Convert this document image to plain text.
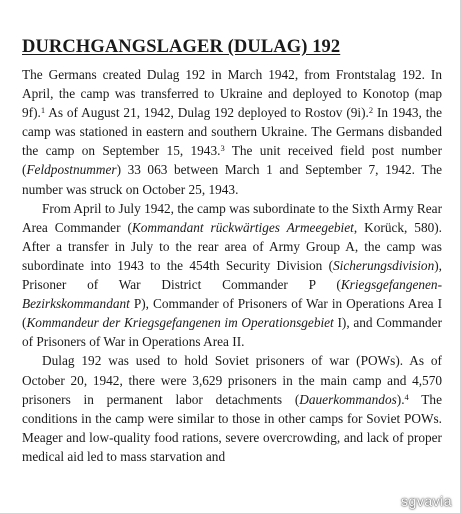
DURCHGANGSLAGER (DULAG) 192

The Germans created Dulag 192 in March 1942, from Frontstalag 192. In April, the camp was transferred to Ukraine and deployed to Konotop (map 9f).$^1$ As of August 21, 1942, Dulag 192 deployed to Rostov (9i).$^2$ In 1943, the camp was stationed in eastern and southern Ukraine. The Germans disbanded the camp on September 15, 1943.$^3$ The unit received field post number (Feldpostnummer) 33 063 between March 1 and September 7, 1942. The number was struck on October 25, 1943.

From April to July 1942, the camp was subordinate to the Sixth Army Rear Area Commander (Kommandant rückwärtiges Armeegebiet, Korück, 580). After a transfer in July to the rear area of Army Group A, the camp was subordinate into 1943 to the 454th Security Division (Sicherungsdivision), Prisoner of War District Commander P (Kriegsgefangenen-Bezirkskommandant P), Commander of Prisoners of War in Operations Area I (Kommandeur der Kriegsgefangenen im Operationsgebiet I), and Commander of Prisoners of War in Operations Area II.

Dulag 192 was used to hold Soviet prisoners of war (POWs). As of October 20, 1942, there were 3,629 prisoners in the main camp and 4,570 prisoners in permanent labor detachments (Dauerkommandos).$^4$ The conditions in the camp were similar to those in other camps for Soviet POWs. Meager and low-quality food rations, severe overcrowding, and lack of proper medical aid led to mass starvation and

sgvavia
